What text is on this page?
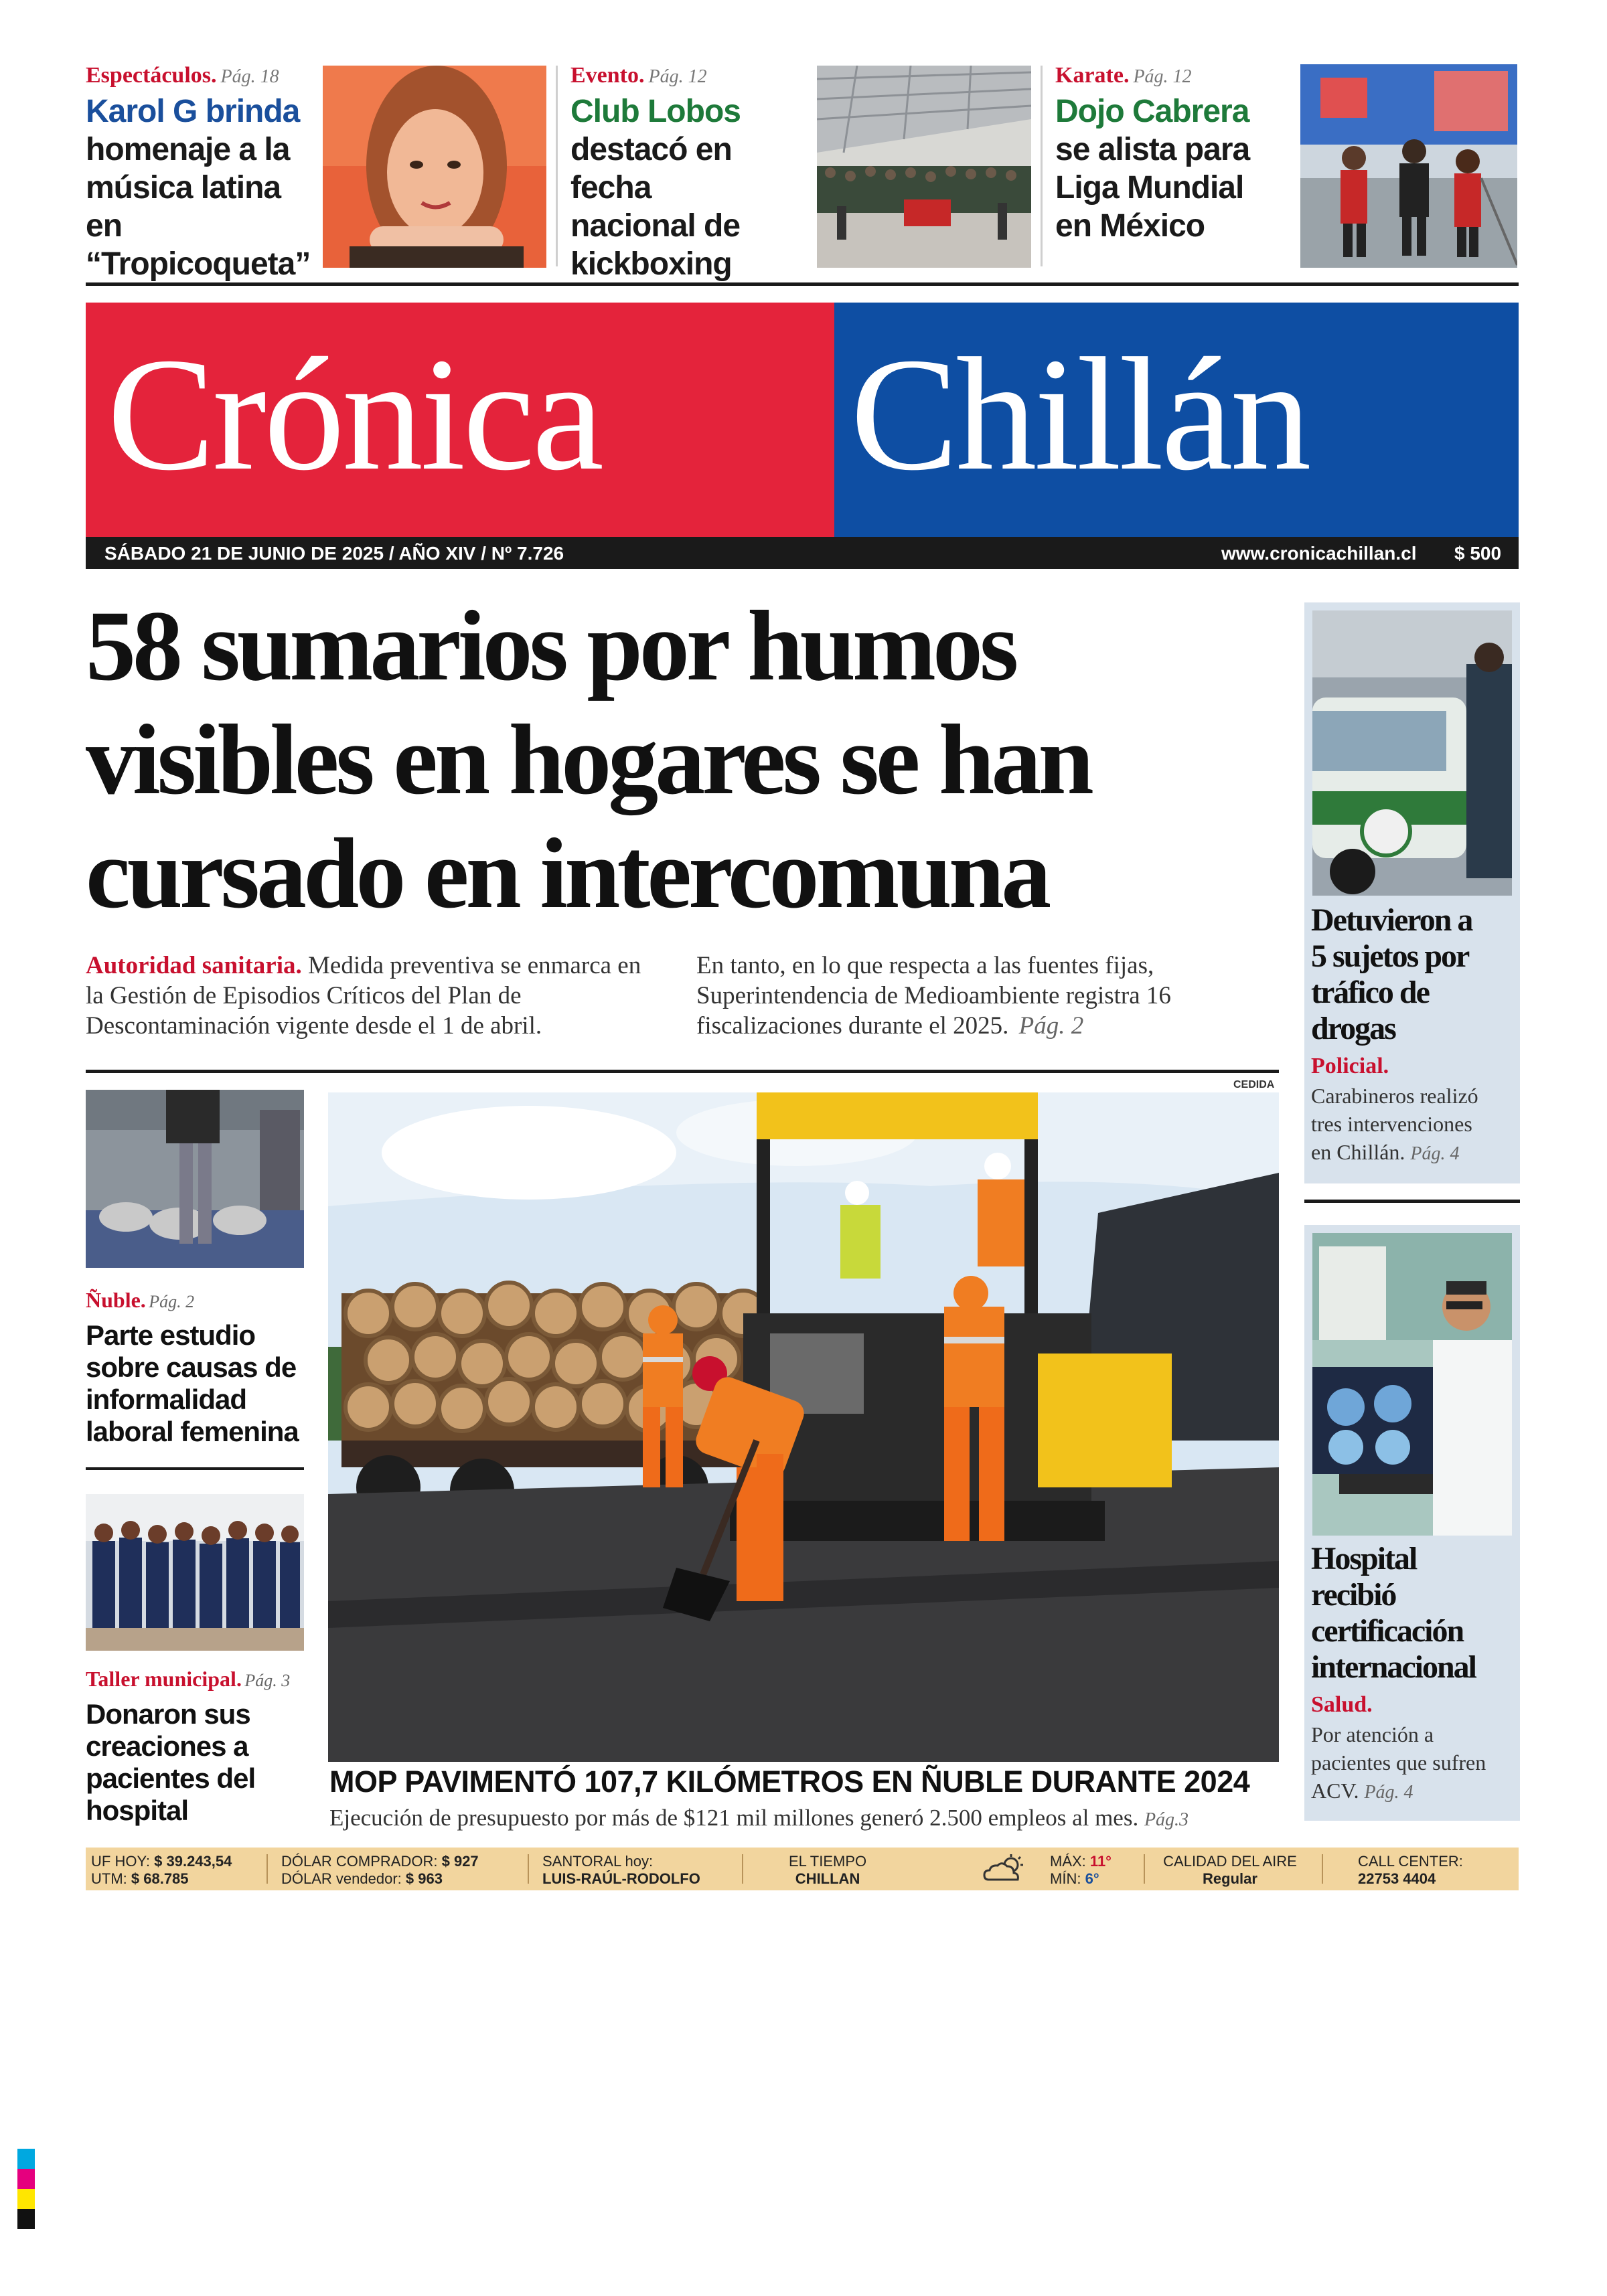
Espectáculos. Pág. 18
Karol G brinda
homenaje a la
música latina en
“Tropicoqueta”
Evento. Pág. 12
Club Lobos
destacó en fecha
nacional de
kickboxing
Karate. Pág. 12
Dojo Cabrera
se alista para
Liga Mundial
en México
Crónica Chillán
SÁBADO 21 DE JUNIO DE 2025 / AÑO XIV / Nº 7.726	www.cronicachillan.cl $ 500
58 sumarios por humos
visibles en hogares se han
cursado en intercomuna
Autoridad sanitaria. Medida preventiva se enmarca en la Gestión de Episodios Críticos del Plan de Descontaminación vigente desde el 1 de abril.
En tanto, en lo que respecta a las fuentes fijas, Superintendencia de Medioambiente registra 16 fiscalizaciones durante el 2025. Pág. 2
Ñuble. Pág. 2
Parte estudio
sobre causas de
informalidad
laboral femenina
Taller municipal. Pág. 3
Donaron sus
creaciones a
pacientes del
hospital
CEDIDA
MOP PAVIMENTÓ 107,7 KILÓMETROS EN ÑUBLE DURANTE 2024
Ejecución de presupuesto por más de $121 mil millones generó 2.500 empleos al mes. Pág.3
Detuvieron a
5 sujetos por
tráfico de
drogas
Policial.
Carabineros realizó
tres intervenciones
en Chillán. Pág. 4
Hospital
recibió
certificación
internacional
Salud.
Por atención a
pacientes que sufren
ACV. Pág. 4
UF HOY: $ 39.243,54
UTM: $ 68.785
DÓLAR COMPRADOR: $ 927
DÓLAR vendedor: $ 963
SANTORAL hoy:
LUIS-RAÚL-RODOLFO
EL TIEMPO
CHILLAN
MÁX: 11°
MÍN: 6°
CALIDAD DEL AIRE
Regular
CALL CENTER:
22753 4404
